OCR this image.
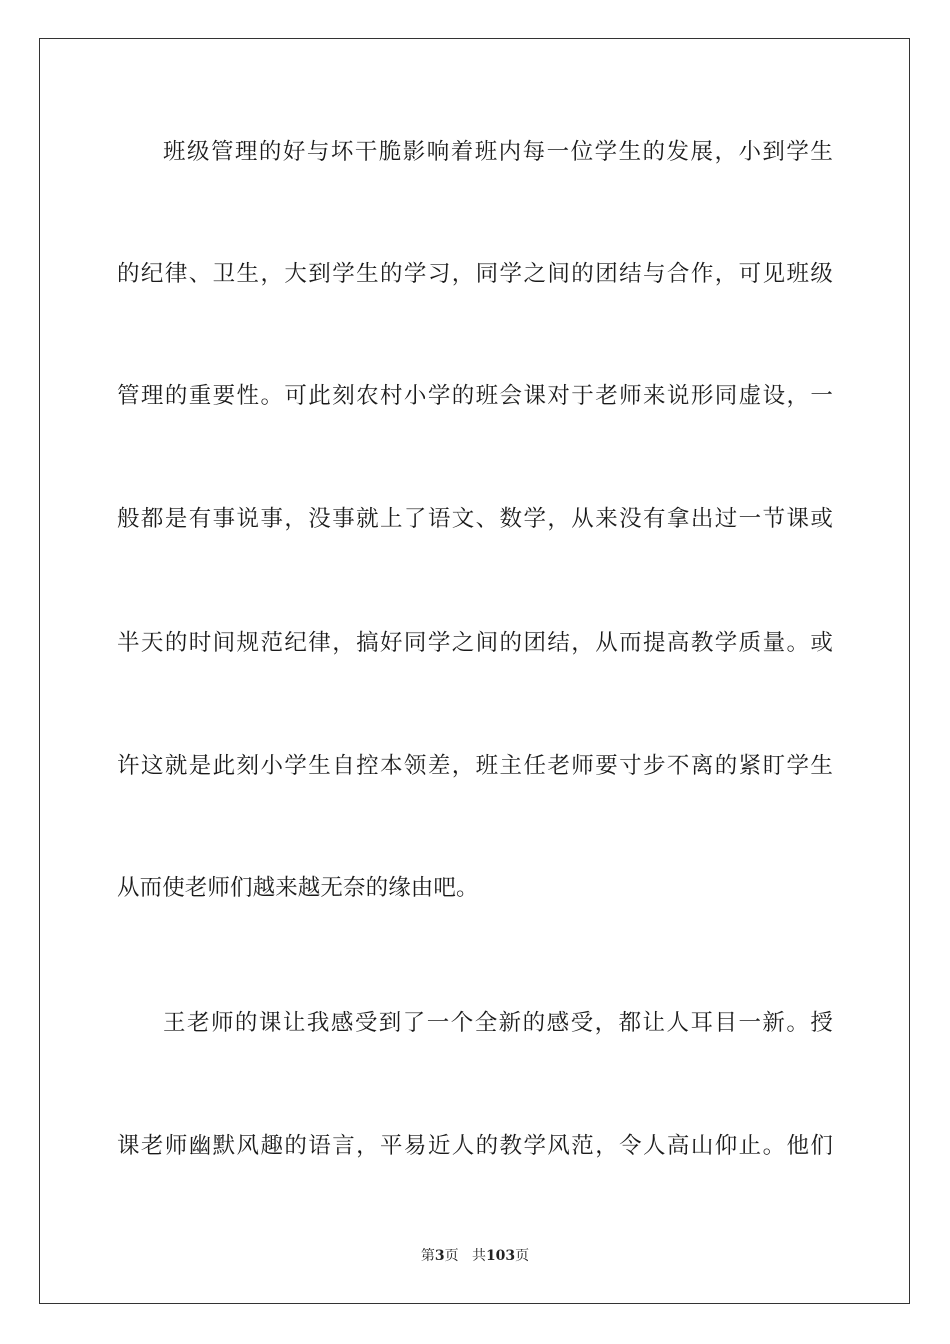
班级管理的好与坏干脆影响着班内每一位学生的发展，小到学生
的纪律、卫生，大到学生的学习，同学之间的团结与合作，可见班级
管理的重要性。可此刻农村小学的班会课对于老师来说形同虚设，一
般都是有事说事，没事就上了语文、数学，从来没有拿出过一节课或
半天的时间规范纪律，搞好同学之间的团结，从而提高教学质量。或
许这就是此刻小学生自控本领差，班主任老师要寸步不离的紧盯学生
从而使老师们越来越无奈的缘由吧。
王老师的课让我感受到了一个全新的感受，都让人耳目一新。授
课老师幽默风趣的语言，平易近人的教学风范，令人高山仰止。他们
第3页 共103页
